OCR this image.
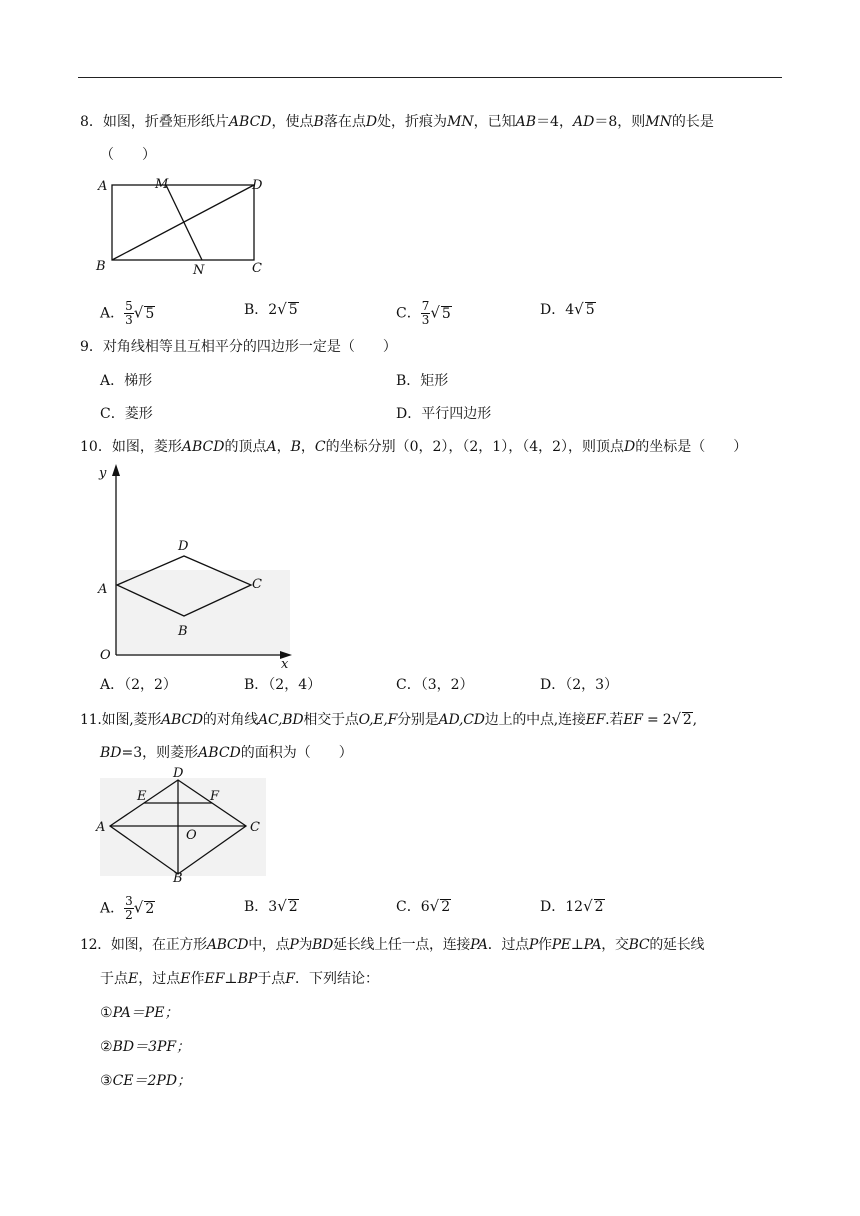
8．如图，折叠矩形纸片ABCD，使点B落在点D处，折痕为MN，已知AB＝4，AD＝8，则MN的长是
（　　）
A	M	D
B	N	C
A． $\frac{5}{3}$ √ 5	B．2√ 5	C． $\frac{7}{3}$ √ 5	D．4√ 5
9．对角线相等且互相平分的四边形一定是（　　）
A．梯形	B．矩形
C．菱形	D．平行四边形
10．如图，菱形ABCD的顶点A，B，C的坐标分别（0，2），（2，1），（4，2），则顶点D的坐标是（　　）
y
D
A	C
B
O
x
A．（2，2）	B．（2，4）	C．（3，2）	D．（2，3）
11.如图,菱形ABCD的对角线AC,BD相交于点O,E,F分别是AD,CD边上的中点,连接EF.若EF = 2√ 2,
BD=3，则菱形ABCD的面积为（　　）
D
E	F
A
O
C
B
A． $\frac{3}{2}$ √ 2	B．3√ 2	C．6√ 2	D．12√ 2
12．如图，在正方形ABCD中，点P为BD延长线上任一点，连接PA．过点P作PE⊥PA，交BC的延长线
于点E，过点E作EF⊥BP于点F．下列结论：
①PA＝PE；
②BD＝3PF；
③CE＝2PD；
